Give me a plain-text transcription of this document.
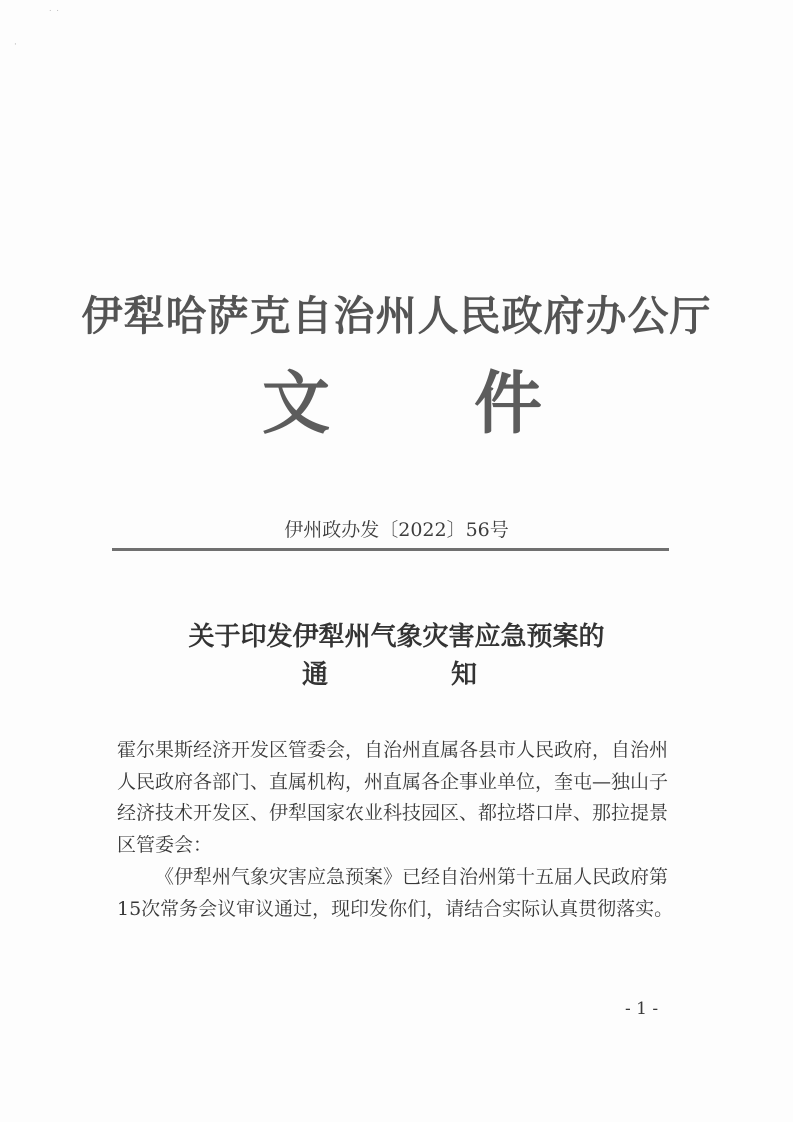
˙ ˙
·
伊犁哈萨克自治州人民政府办公厅
文 件
伊州政办发〔2022〕56号
关于印发伊犁州气象灾害应急预案的
通	知
霍尔果斯经济开发区管委会，自治州直属各县市人民政府，自治州人民政府各部门、直属机构，州直属各企事业单位，奎屯—独山子经济技术开发区、伊犁国家农业科技园区、都拉塔口岸、那拉提景区管委会：
《伊犁州气象灾害应急预案》已经自治州第十五届人民政府第15次常务会议审议通过，现印发你们，请结合实际认真贯彻落实。
- 1 -
